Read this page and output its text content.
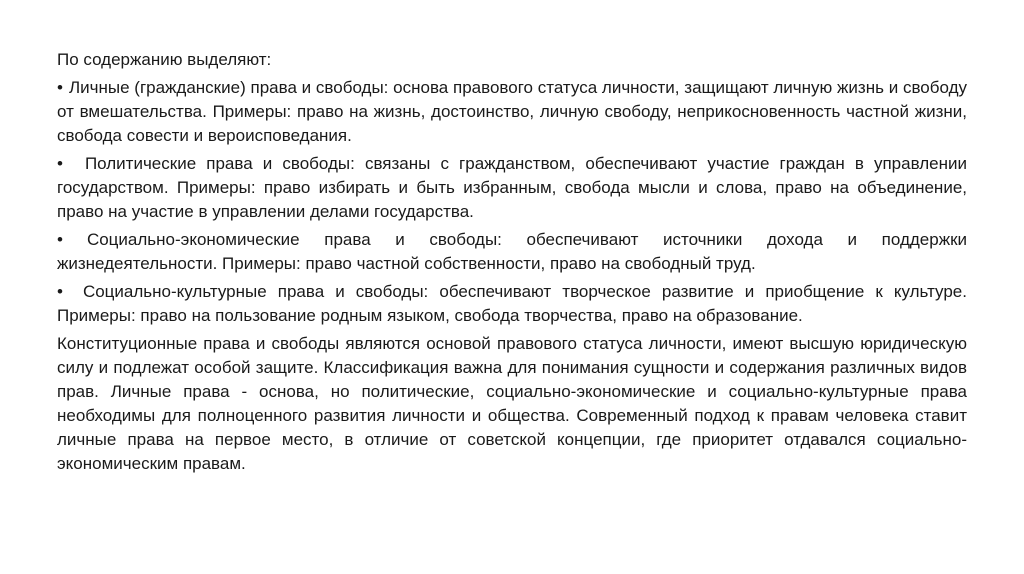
По содержанию выделяют:

• Личные (гражданские) права и свободы: основа правового статуса личности, защищают личную жизнь и свободу от вмешательства. Примеры: право на жизнь, достоинство, личную свободу, неприкосновенность частной жизни, свобода совести и вероисповедания.

• Политические права и свободы: связаны с гражданством, обеспечивают участие граждан в управлении государством. Примеры: право избирать и быть избранным, свобода мысли и слова, право на объединение, право на участие в управлении делами государства.

• Социально-экономические права и свободы: обеспечивают источники дохода и поддержки жизнедеятельности. Примеры: право частной собственности, право на свободный труд.

• Социально-культурные права и свободы: обеспечивают творческое развитие и приобщение к культуре. Примеры: право на пользование родным языком, свобода творчества, право на образование.

Конституционные права и свободы являются основой правового статуса личности, имеют высшую юридическую силу и подлежат особой защите. Классификация важна для понимания сущности и содержания различных видов прав. Личные права - основа, но политические, социально-экономические и социально-культурные права необходимы для полноценного развития личности и общества. Современный подход к правам человека ставит личные права на первое место, в отличие от советской концепции, где приоритет отдавался социально-экономическим правам.
